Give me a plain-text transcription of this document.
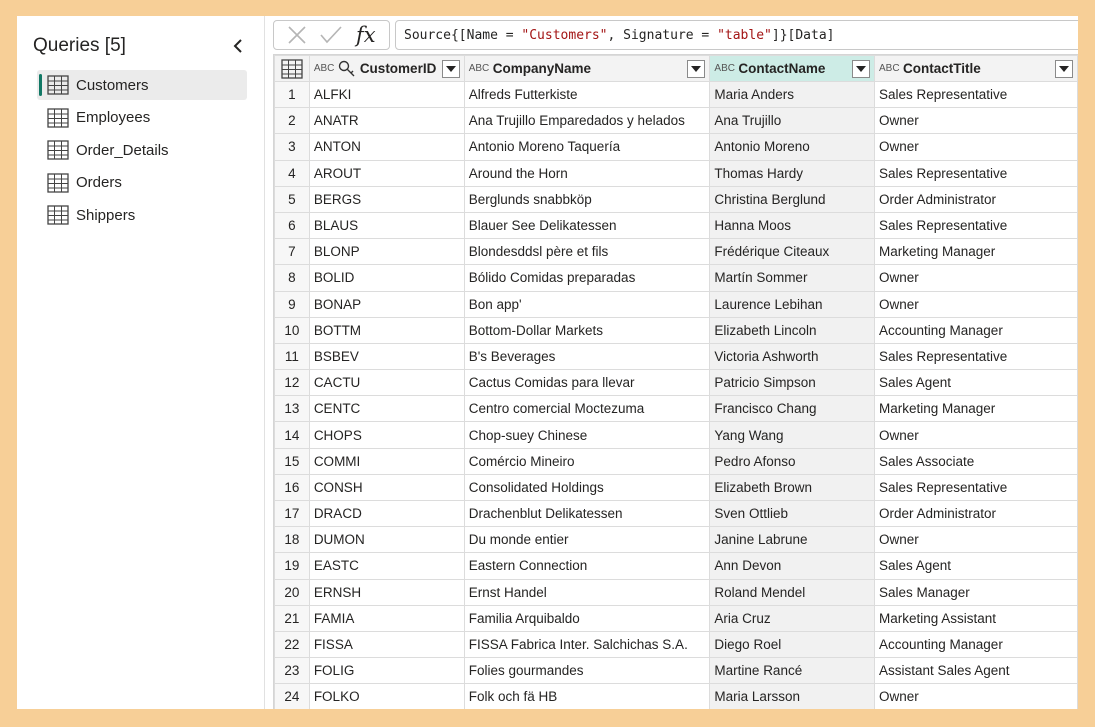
Queries [5]
Customers
Employees
Order_Details
Orders
Shippers
fx	Source{[Name = "Customers" , Signature = "table" ]}[Data]

ABC CustomerID	ABC CompanyName	ABC ContactName	ABC ContactTitle

1	ALFKI	Alfreds Futterkiste	Maria Anders	Sales Representative
2	ANATR	Ana Trujillo Emparedados y helados	Ana Trujillo	Owner
3	ANTON	Antonio Moreno Taquería	Antonio Moreno	Owner
4	AROUT	Around the Horn	Thomas Hardy	Sales Representative
5	BERGS	Berglunds snabbköp	Christina Berglund	Order Administrator
6	BLAUS	Blauer See Delikatessen	Hanna Moos	Sales Representative
7	BLONP	Blondesddsl père et fils	Frédérique Citeaux	Marketing Manager
8	BOLID	Bólido Comidas preparadas	Martín Sommer	Owner
9	BONAP	Bon app'	Laurence Lebihan	Owner
10	BOTTM	Bottom-Dollar Markets	Elizabeth Lincoln	Accounting Manager
11	BSBEV	B's Beverages	Victoria Ashworth	Sales Representative
12	CACTU	Cactus Comidas para llevar	Patricio Simpson	Sales Agent
13	CENTC	Centro comercial Moctezuma	Francisco Chang	Marketing Manager
14	CHOPS	Chop-suey Chinese	Yang Wang	Owner
15	COMMI	Comércio Mineiro	Pedro Afonso	Sales Associate
16	CONSH	Consolidated Holdings	Elizabeth Brown	Sales Representative
17	DRACD	Drachenblut Delikatessen	Sven Ottlieb	Order Administrator
18	DUMON	Du monde entier	Janine Labrune	Owner
19	EASTC	Eastern Connection	Ann Devon	Sales Agent
20	ERNSH	Ernst Handel	Roland Mendel	Sales Manager
21	FAMIA	Familia Arquibaldo	Aria Cruz	Marketing Assistant
22	FISSA	FISSA Fabrica Inter. Salchichas S.A.	Diego Roel	Accounting Manager
23	FOLIG	Folies gourmandes	Martine Rancé	Assistant Sales Agent
24	FOLKO	Folk och fä HB	Maria Larsson	Owner
